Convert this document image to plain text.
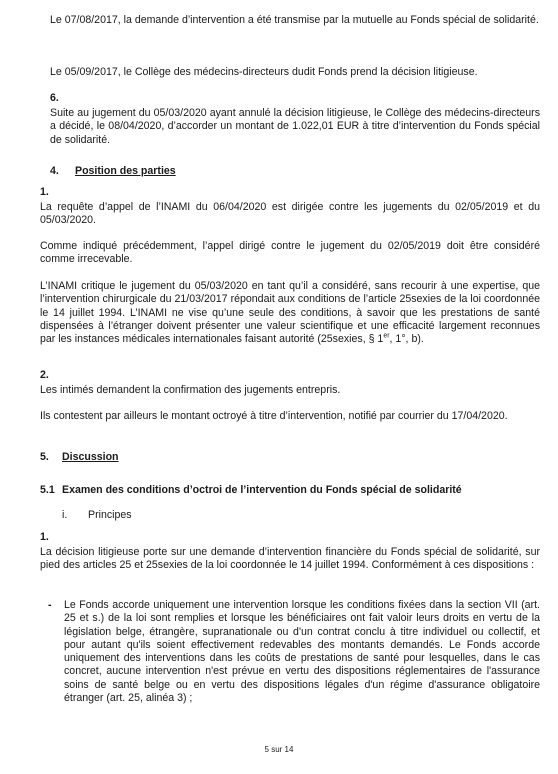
Le 07/08/2017, la demande d’intervention a été transmise par la mutuelle au Fonds spécial de solidarité.

Le 05/09/2017, le Collège des médecins-directeurs dudit Fonds prend la décision litigieuse.

6.

Suite au jugement du 05/03/2020 ayant annulé la décision litigieuse, le Collège des médecins-directeurs a décidé, le 08/04/2020, d’accorder un montant de 1.022,01 EUR à titre d’intervention du Fonds spécial de solidarité.

4. Position des parties
1.

La requête d’appel de l’INAMI du 06/04/2020 est dirigée contre les jugements du 02/05/2019 et du 05/03/2020.

Comme indiqué précédemment, l’appel dirigé contre le jugement du 02/05/2019 doit être considéré comme irrecevable.

L’INAMI critique le jugement du 05/03/2020 en tant qu’il a considéré, sans recourir à une expertise, que l’intervention chirurgicale du 21/03/2017 répondait aux conditions de l’article 25sexies de la loi coordonnée le 14 juillet 1994. L’INAMI ne vise qu’une seule des conditions, à savoir que les prestations de santé dispensées à l’étranger doivent présenter une valeur scientifique et une efficacité largement reconnues par les instances médicales internationales faisant autorité (25sexies, § 1er, 1°, b).

2.

Les intimés demandent la confirmation des jugements entrepris.

Ils contestent par ailleurs le montant octroyé à titre d’intervention, notifié par courrier du 17/04/2020.

5. Discussion
5.1 Examen des conditions d’octroi de l’intervention du Fonds spécial de solidarité
i. Principes
1.

La décision litigieuse porte sur une demande d’intervention financière du Fonds spécial de solidarité, sur pied des articles 25 et 25sexies de la loi coordonnée le 14 juillet 1994. Conformément à ces dispositions :

- Le Fonds accorde uniquement une intervention lorsque les conditions fixées dans la section VII (art. 25 et s.) de la loi sont remplies et lorsque les bénéficiaires ont fait valoir leurs droits en vertu de la législation belge, étrangère, supranationale ou d'un contrat conclu à titre individuel ou collectif, et pour autant qu'ils soient effectivement redevables des montants demandés. Le Fonds accorde uniquement des interventions dans les coûts de prestations de santé pour lesquelles, dans le cas concret, aucune intervention n'est prévue en vertu des dispositions réglementaires de l'assurance soins de santé belge ou en vertu des dispositions légales d'un régime d'assurance obligatoire étranger (art. 25, alinéa 3) ;

5 sur 14
